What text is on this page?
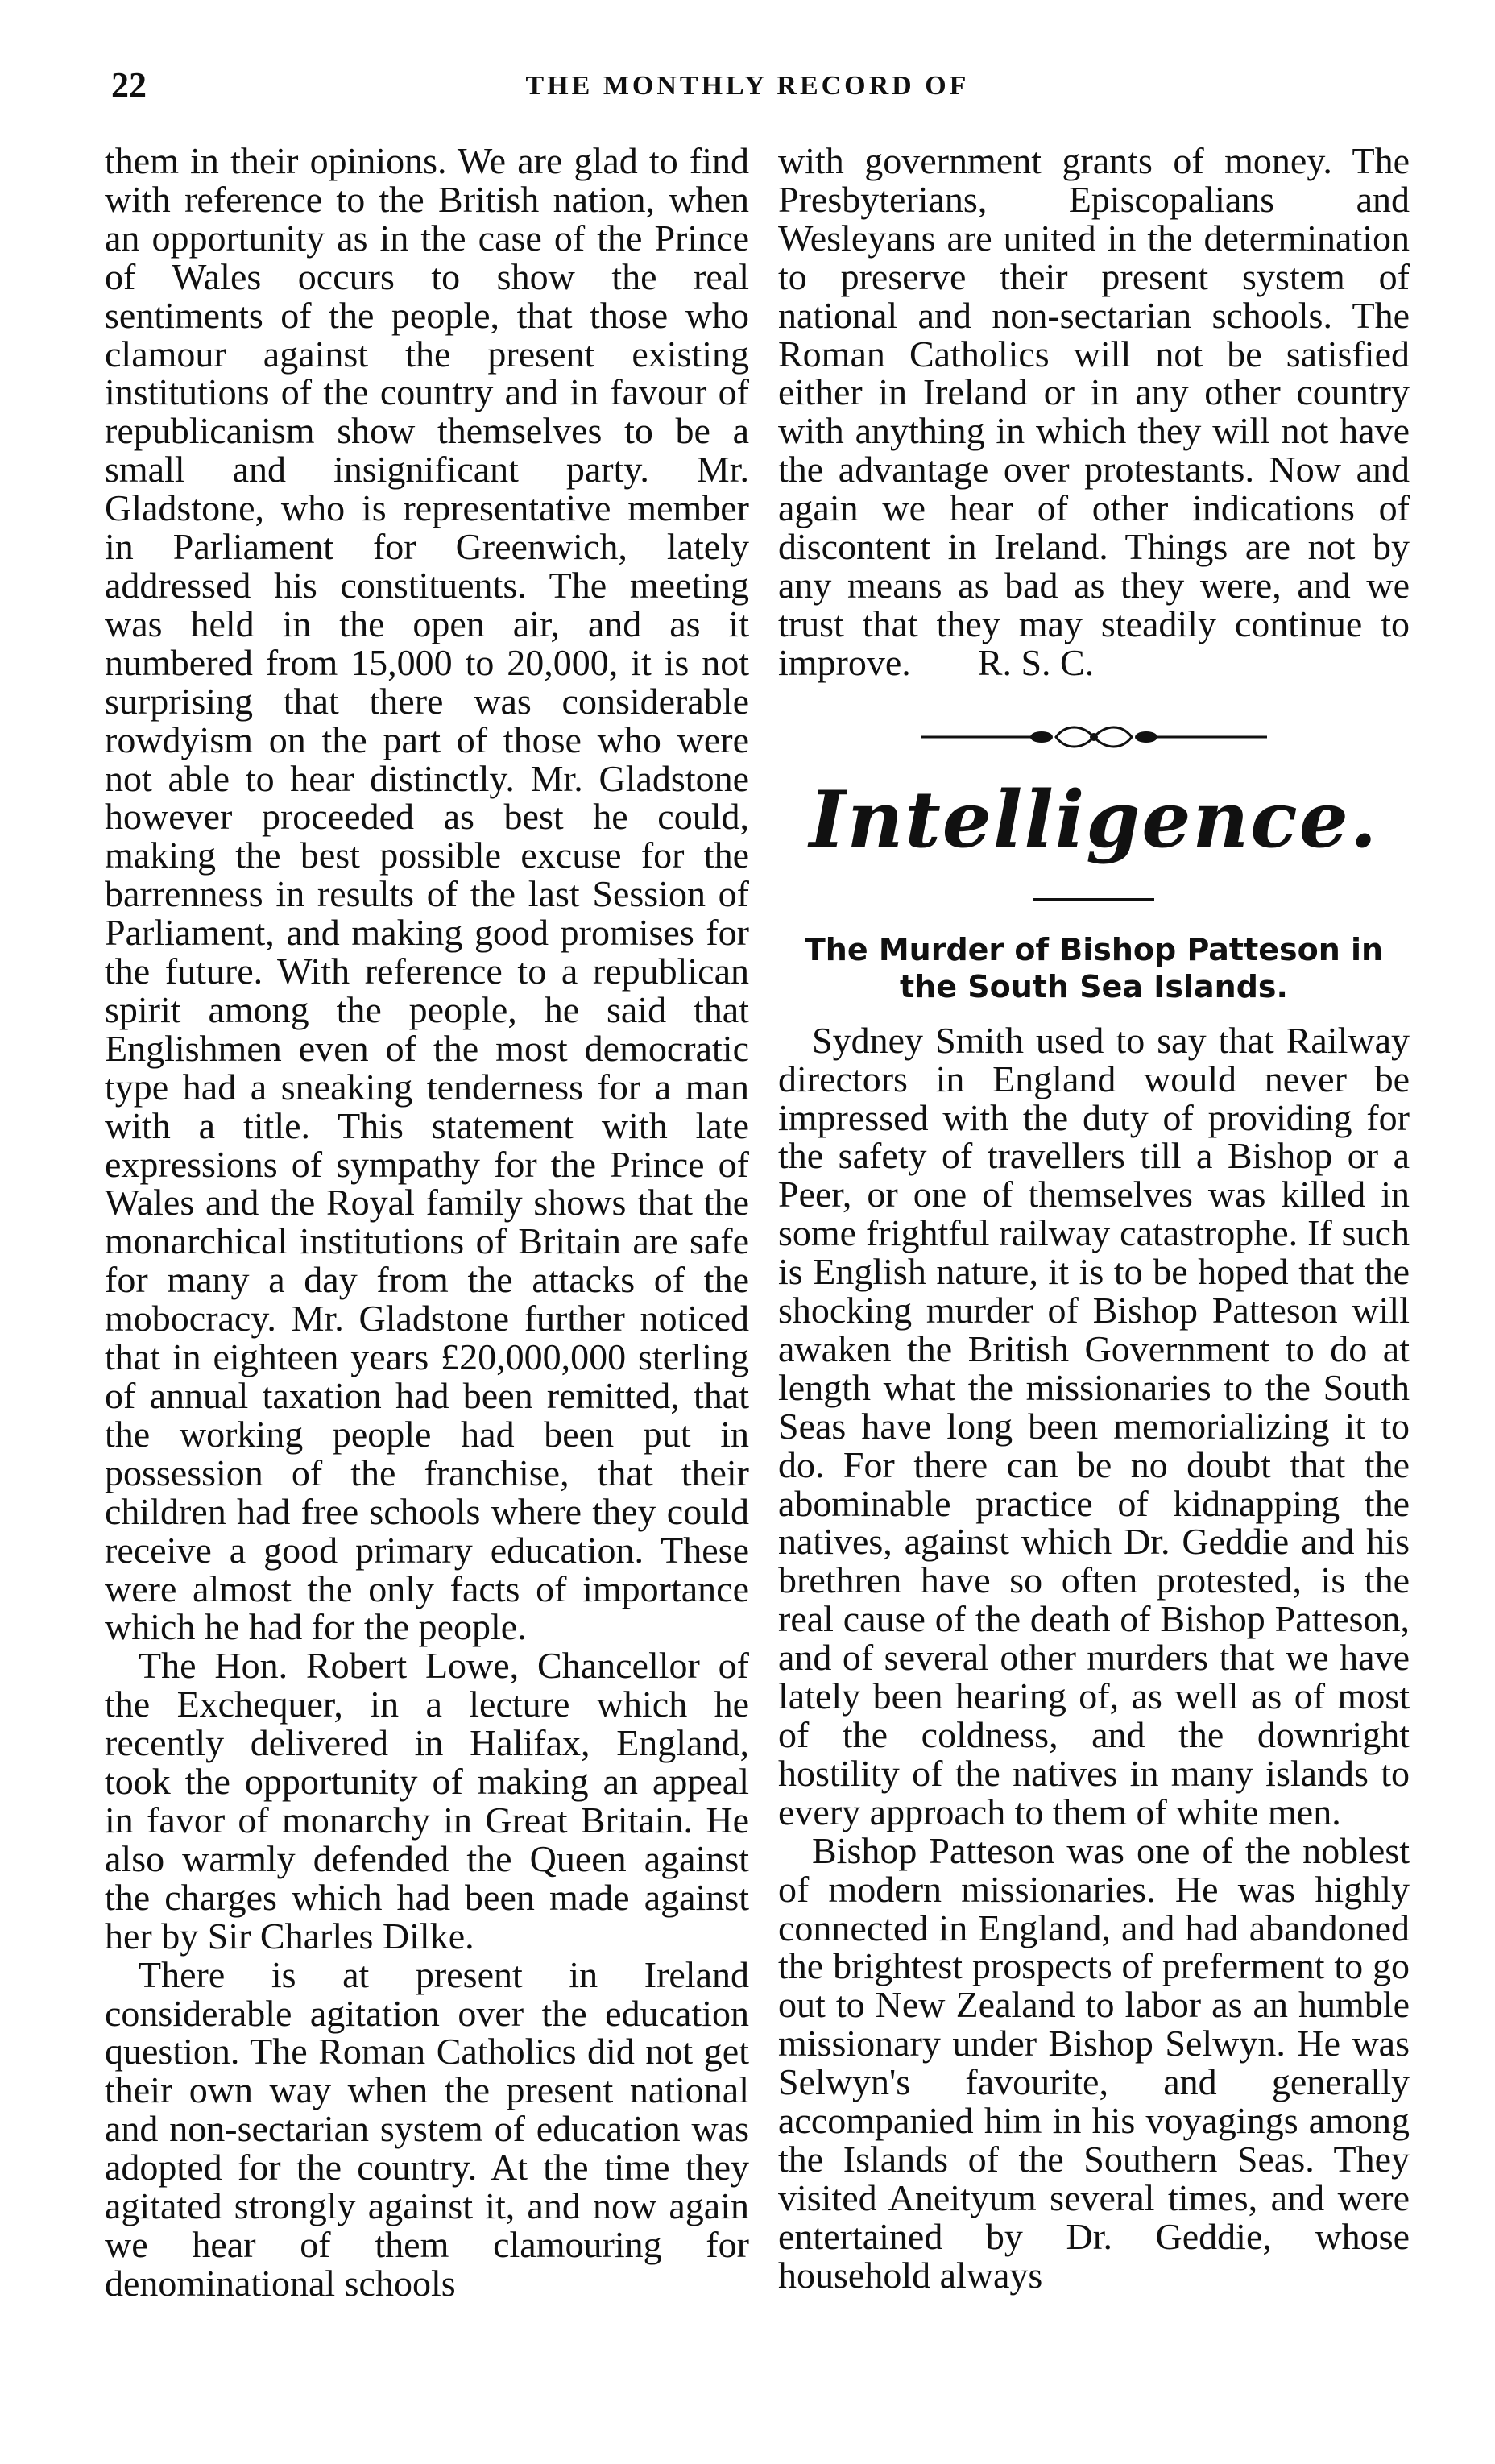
22	THE MONTHLY RECORD OF

them in their opinions. We are glad to find with reference to the British nation, when an opportunity as in the case of the Prince of Wales occurs to show the real sentiments of the people, that those who clamour against the present existing institutions of the country and in favour of republicanism show themselves to be a small and insignificant party. Mr. Gladstone, who is representative member in Parliament for Greenwich, lately addressed his constituents. The meeting was held in the open air, and as it numbered from 15,000 to 20,000, it is not surprising that there was considerable rowdyism on the part of those who were not able to hear distinctly. Mr. Gladstone however proceeded as best he could, making the best possible excuse for the barrenness in results of the last Session of Parliament, and making good promises for the future. With reference to a republican spirit among the people, he said that Englishmen even of the most democratic type had a sneaking tenderness for a man with a title. This statement with late expressions of sympathy for the Prince of Wales and the Royal family shows that the monarchical institutions of Britain are safe for many a day from the attacks of the mobocracy. Mr. Gladstone further noticed that in eighteen years £20,000,000 sterling of annual taxation had been remitted, that the working people had been put in possession of the franchise, that their children had free schools where they could receive a good primary education. These were almost the only facts of importance which he had for the people.

The Hon. Robert Lowe, Chancellor of the Exchequer, in a lecture which he recently delivered in Halifax, England, took the opportunity of making an appeal in favor of monarchy in Great Britain. He also warmly defended the Queen against the charges which had been made against her by Sir Charles Dilke.

There is at present in Ireland considerable agitation over the education question. The Roman Catholics did not get their own way when the present national and non-sectarian system of education was adopted for the country. At the time they agitated strongly against it, and now again we hear of them clamouring for denominational schools

with government grants of money. The Presbyterians, Episcopalians and Wesleyans are united in the determination to preserve their present system of national and non-sectarian schools. The Roman Catholics will not be satisfied either in Ireland or in any other country with anything in which they will not have the advantage over protestants. Now and again we hear of other indications of discontent in Ireland. Things are not by any means as bad as they were, and we trust that they may steadily continue to improve. R. S. C.

Intelligence.
The Murder of Bishop Patteson in the South Sea Islands.

Sydney Smith used to say that Railway directors in England would never be impressed with the duty of providing for the safety of travellers till a Bishop or a Peer, or one of themselves was killed in some frightful railway catastrophe. If such is English nature, it is to be hoped that the shocking murder of Bishop Patteson will awaken the British Government to do at length what the missionaries to the South Seas have long been memorializing it to do. For there can be no doubt that the abominable practice of kidnapping the natives, against which Dr. Geddie and his brethren have so often protested, is the real cause of the death of Bishop Patteson, and of several other murders that we have lately been hearing of, as well as of most of the coldness, and the downright hostility of the natives in many islands to every approach to them of white men.

Bishop Patteson was one of the noblest of modern missionaries. He was highly connected in England, and had abandoned the brightest prospects of preferment to go out to New Zealand to labor as an humble missionary under Bishop Selwyn. He was Selwyn's favourite, and generally accompanied him in his voyagings among the Islands of the Southern Seas. They visited Aneityum several times, and were entertained by Dr. Geddie, whose household always
